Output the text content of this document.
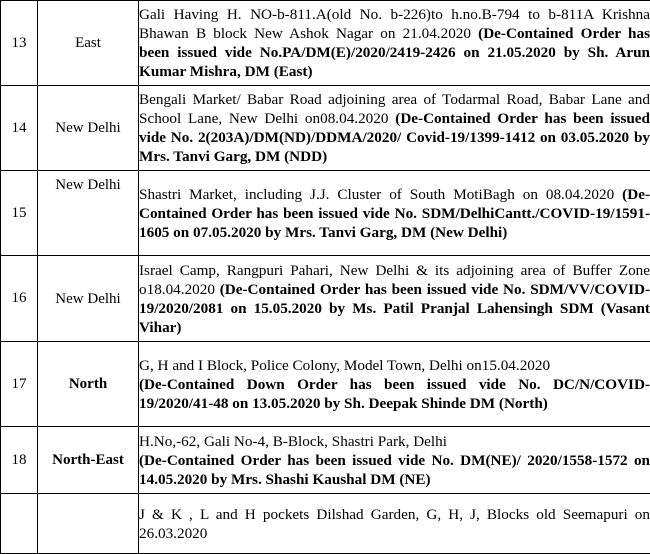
13	East	Gali Having H. NO-b-811.A(old No. b-226)to h.no.B-794 to b-811A Krishna Bhawan B block New Ashok Nagar on 21.04.2020 (De-Contained Order has been issued vide No.PA/DM(E)/2020/2419-2426 on 21.05.2020 by Sh. Arun Kumar Mishra, DM (East)
14	New Delhi	Bengali Market/ Babar Road adjoining area of Todarmal Road, Babar Lane and School Lane, New Delhi on08.04.2020 (De-Contained Order has been issued vide No. 2(203A)/DM(ND)/DDMA/2020/ Covid-19/1399-1412 on 03.05.2020 by Mrs. Tanvi Garg, DM (NDD)
15	New Delhi	Shastri Market, including J.J. Cluster of South MotiBagh on 08.04.2020 (De-Contained Order has been issued vide No. SDM/DelhiCantt./COVID-19/1591-1605 on 07.05.2020 by Mrs. Tanvi Garg, DM (New Delhi)
16	New Delhi	Israel Camp, Rangpuri Pahari, New Delhi & its adjoining area of Buffer Zone o18.04.2020 (De-Contained Order has been issued vide No. SDM/VV/COVID-19/2020/2081 on 15.05.2020 by Ms. Patil Pranjal Lahensingh SDM (Vasant Vihar)
17	North	G, H and I Block, Police Colony, Model Town, Delhi on15.04.2020
(De-Contained Down Order has been issued vide No. DC/N/COVID-19/2020/41-48 on 13.05.2020 by Sh. Deepak Shinde DM (North)
18	North-East	H.No,-62, Gali No-4, B-Block, Shastri Park, Delhi
(De-Contained Order has been issued vide No. DM(NE)/ 2020/1558-1572 on 14.05.2020 by Mrs. Shashi Kaushal DM (NE)
		J & K , L and H pockets Dilshad Garden, G, H, J, Blocks old Seemapuri on 26.03.2020
